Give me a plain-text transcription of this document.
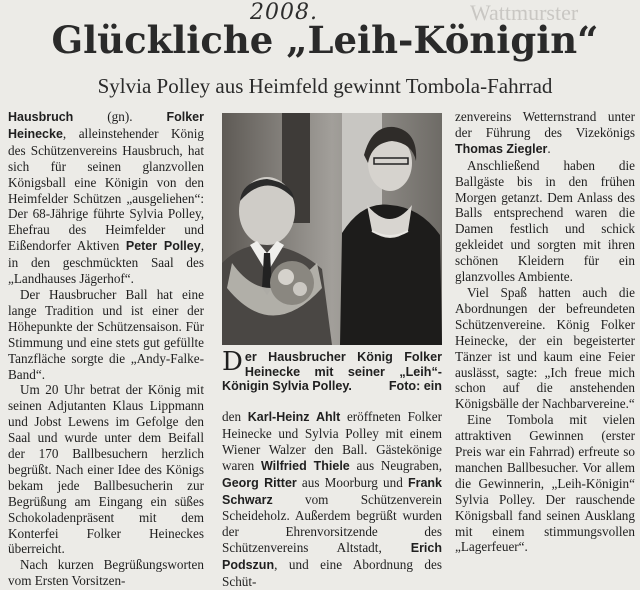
Wattmurster
2008.
Glückliche „Leih-Königin“
Sylvia Polley aus Heimfeld gewinnt Tombola-Fahrrad

Hausbruch (gn). Folker Heinecke, alleinstehender König des Schützenvereins Hausbruch, hat sich für seinen glanzvollen Königsball eine Königin von den Heimfelder Schützen „ausgeliehen“: Der 68-Jährige führte Sylvia Polley, Ehefrau des Heimfelder und Eißendorfer Aktiven Peter Polley, in den geschmückten Saal des „Landhauses Jägerhof“.

Der Hausbrucher Ball hat eine lange Tradition und ist einer der Höhepunkte der Schützensaison. Für Stimmung und eine stets gut gefüllte Tanzfläche sorgte die „Andy-Falke-Band“.

Um 20 Uhr betrat der König mit seinen Adjutanten Klaus Lippmann und Jobst Lewens im Gefolge den Saal und wurde unter dem Beifall der 170 Ballbesuchern herzlich begrüßt. Nach einer Idee des Königs bekam jede Ballbesucherin zur Begrüßung am Eingang ein süßes Schokoladenpräsent mit dem Konterfei Folker Heineckes überreicht.

Nach kurzen Begrüßungsworten vom Ersten Vorsitzen-

Der Hausbrucher König Folker Heinecke mit seiner „Leih“-Königin Sylvia Polley.	Foto: ein

den Karl-Heinz Ahlt eröffneten Folker Heinecke und Sylvia Polley mit einem Wiener Walzer den Ball. Gästekönige waren Wilfried Thiele aus Neugraben, Georg Ritter aus Moorburg und Frank Schwarz vom Schützenverein Scheideholz. Außerdem begrüßt wurden der Ehrenvorsitzende des Schützenvereins Altstadt, Erich Podszun, und eine Abordnung des Schüt-

zenvereins Wetternstrand unter der Führung des Vizekönigs Thomas Ziegler.

Anschließend haben die Ballgäste bis in den frühen Morgen getanzt. Dem Anlass des Balls entsprechend waren die Damen festlich und schick gekleidet und sorgten mit ihren schönen Kleidern für ein glanzvolles Ambiente.

Viel Spaß hatten auch die Abordnungen der befreundeten Schützenvereine. König Folker Heinecke, der ein begeisterter Tänzer ist und kaum eine Feier auslässt, sagte: „Ich freue mich schon auf die anstehenden Königsbälle der Nachbarvereine.“

Eine Tombola mit vielen attraktiven Gewinnen (erster Preis war ein Fahrrad) erfreute so manchen Ballbesucher. Vor allem die Gewinnerin, „Leih-Königin“ Sylvia Polley. Der rauschende Königsball fand seinen Ausklang mit einem stimmungsvollen „Lagerfeuer“.
